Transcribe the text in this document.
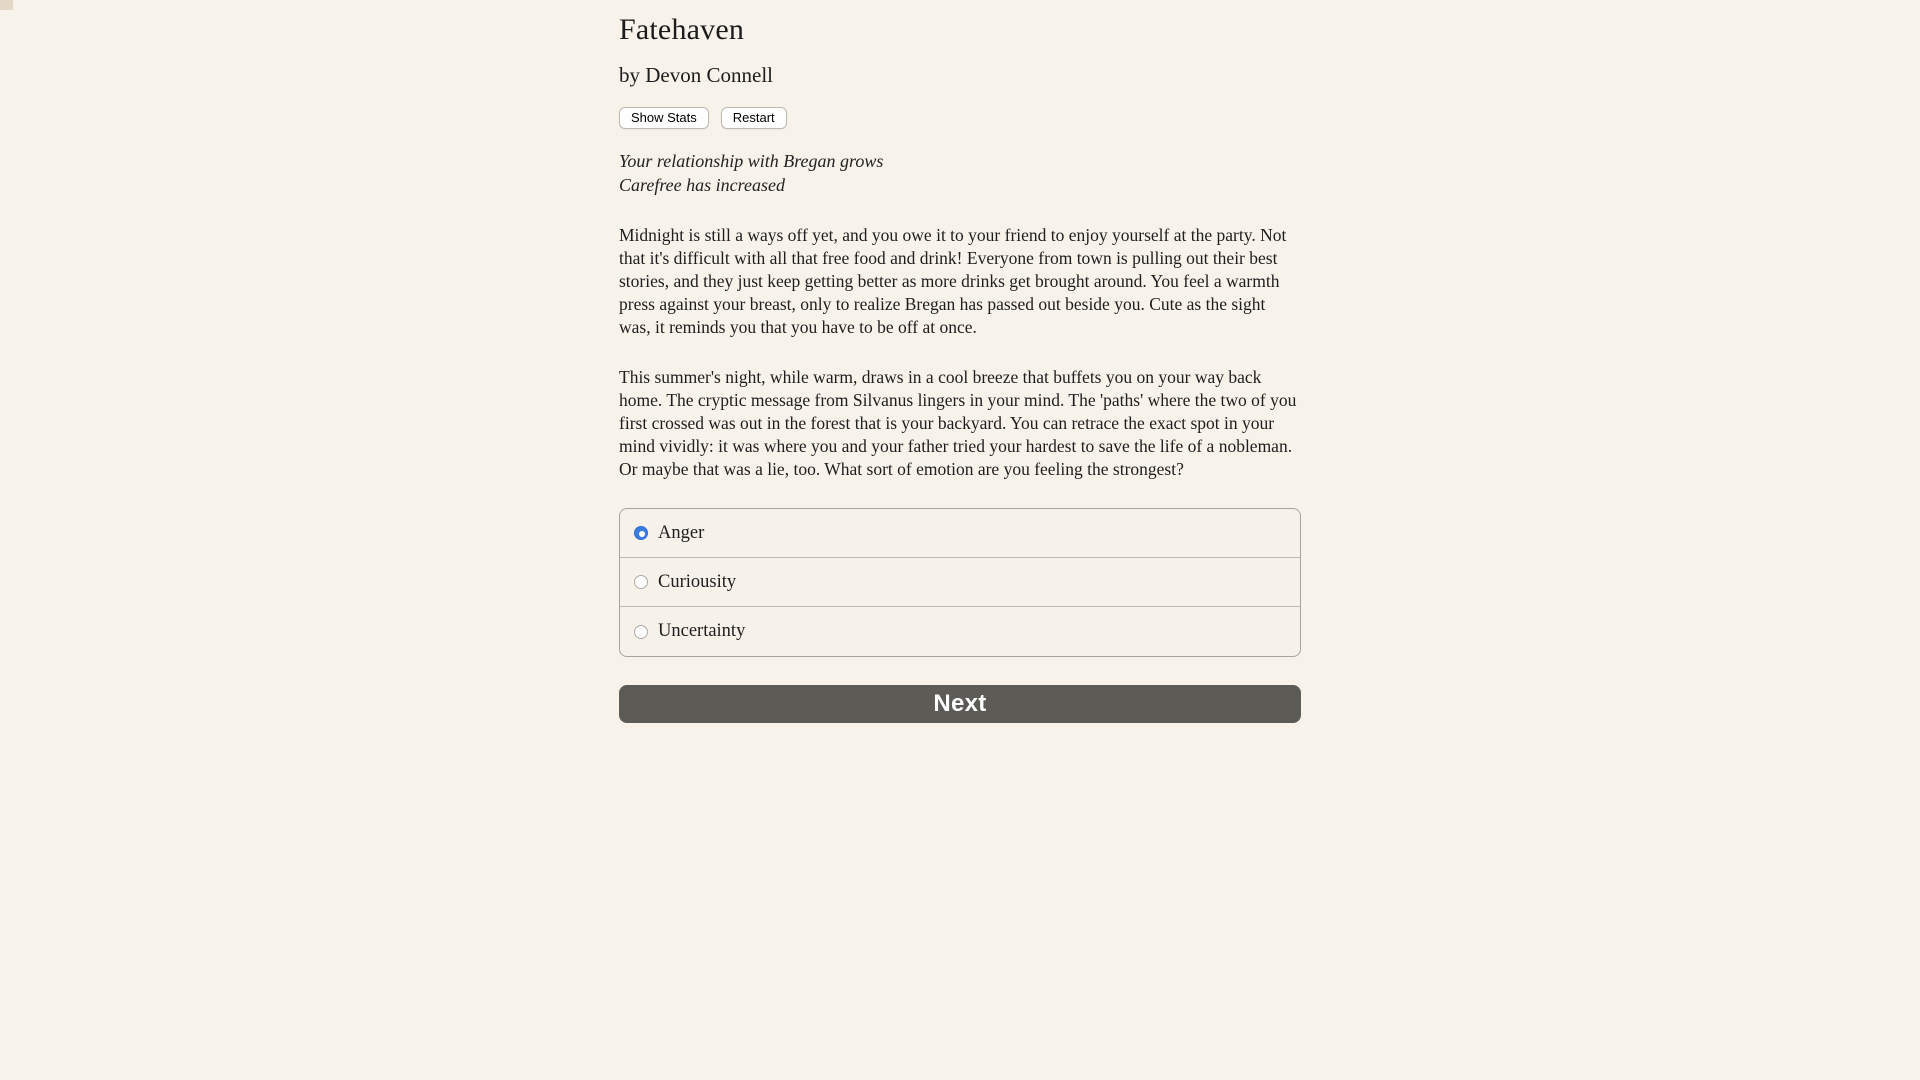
Fatehaven
by Devon Connell
Show Stats	Restart
Your relationship with Bregan grows
Carefree has increased

Midnight is still a ways off yet, and you owe it to your friend to enjoy yourself at the party. Not that it's difficult with all that free food and drink! Everyone from town is pulling out their best stories, and they just keep getting better as more drinks get brought around. You feel a warmth press against your breast, only to realize Bregan has passed out beside you. Cute as the sight was, it reminds you that you have to be off at once.

This summer's night, while warm, draws in a cool breeze that buffets you on your way back home. The cryptic message from Silvanus lingers in your mind. The 'paths' where the two of you first crossed was out in the forest that is your backyard. You can retrace the exact spot in your mind vividly: it was where you and your father tried your hardest to save the life of a nobleman. Or maybe that was a lie, too. What sort of emotion are you feeling the strongest?

Anger
Curiousity
Uncertainty
Next
